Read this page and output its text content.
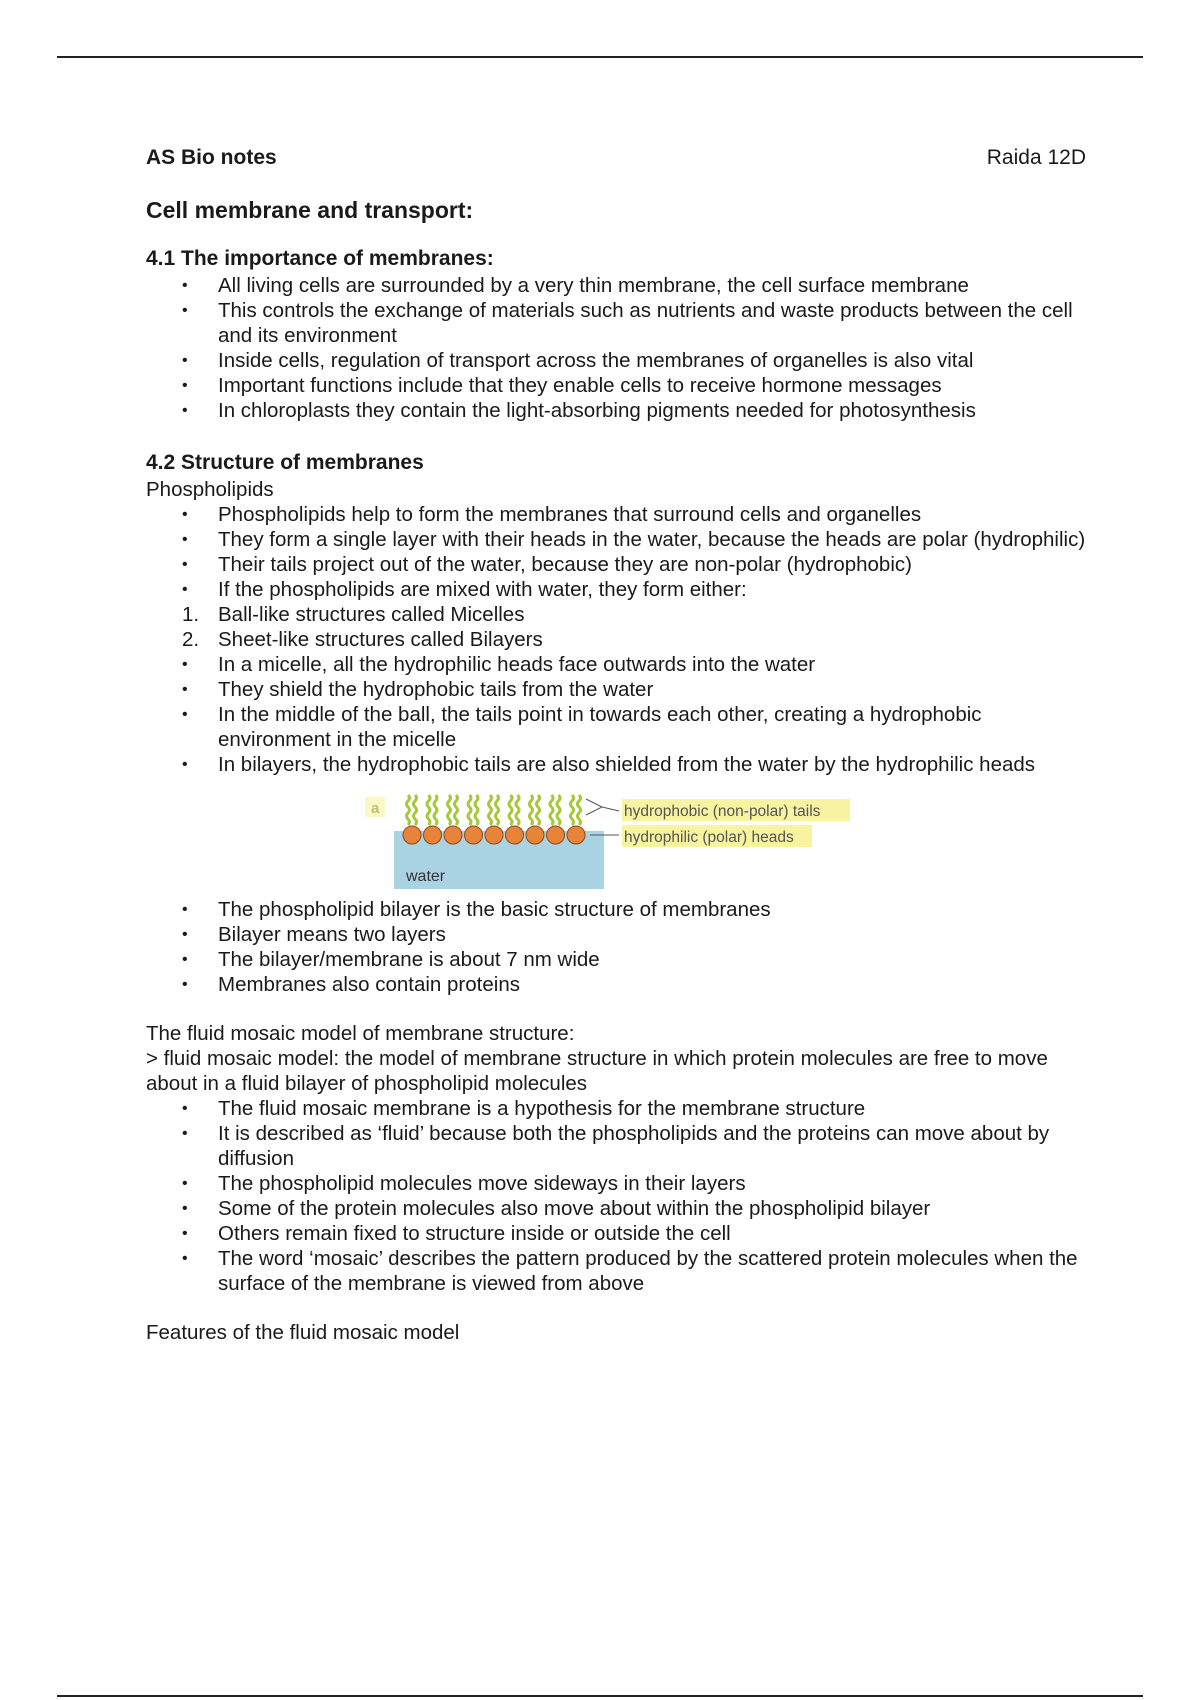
AS Bio notes	Raida 12D
Cell membrane and transport:
4.1 The importance of membranes:
• All living cells are surrounded by a very thin membrane, the cell surface membrane
• This controls the exchange of materials such as nutrients and waste products between the cell and its environment
• Inside cells, regulation of transport across the membranes of organelles is also vital
• Important functions include that they enable cells to receive hormone messages
• In chloroplasts they contain the light-absorbing pigments needed for photosynthesis
4.2 Structure of membranes
Phospholipids
• Phospholipids help to form the membranes that surround cells and organelles
• They form a single layer with their heads in the water, because the heads are polar (hydrophilic)
• Their tails project out of the water, because they are non-polar (hydrophobic)
• If the phospholipids are mixed with water, they form either:
1. Ball-like structures called Micelles
2. Sheet-like structures called Bilayers
• In a micelle, all the hydrophilic heads face outwards into the water
• They shield the hydrophobic tails from the water
• In the middle of the ball, the tails point in towards each other, creating a hydrophobic environment in the micelle
• In bilayers, the hydrophobic tails are also shielded from the water by the hydrophilic heads
water
hydrophobic (non-polar) tails
hydrophilic (polar) heads
• The phospholipid bilayer is the basic structure of membranes
• Bilayer means two layers
• The bilayer/membrane is about 7 nm wide
• Membranes also contain proteins
The fluid mosaic model of membrane structure:
> fluid mosaic model: the model of membrane structure in which protein molecules are free to move about in a fluid bilayer of phospholipid molecules
• The fluid mosaic membrane is a hypothesis for the membrane structure
• It is described as ‘fluid’ because both the phospholipids and the proteins can move about by diffusion
• The phospholipid molecules move sideways in their layers
• Some of the protein molecules also move about within the phospholipid bilayer
• Others remain fixed to structure inside or outside the cell
• The word ‘mosaic’ describes the pattern produced by the scattered protein molecules when the surface of the membrane is viewed from above
Features of the fluid mosaic model
